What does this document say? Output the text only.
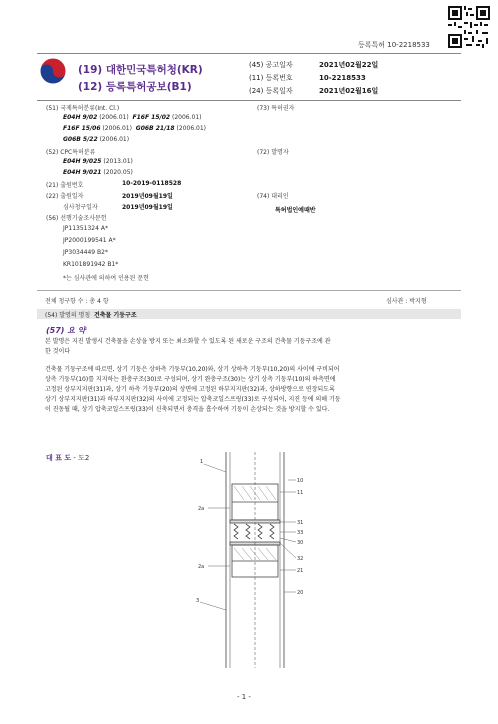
등록특허 10-2218533
(19) 대한민국특허청(KR)
(12) 등록특허공보(B1)
(45) 공고일자	2021년02월22일
(11) 등록번호	10-2218533
(24) 등록일자	2021년02월16일
(51) 국제특허분류(Int. Cl.)
E04H 9/02 (2006.01) F16F 15/02 (2006.01)
F16F 15/06 (2006.01) G06B 21/18 (2006.01)
G06B 5/22 (2006.01)
(52) CPC특허분류
E04H 9/025 (2013.01)
E04H 9/021 (2020.05)
(21) 출원번호	10-2019-0118528
(22) 출원일자	2019년09월19일
심사청구일자	2019년09월19일
(56) 선행기술조사문헌
JP11351324 A*
JP2000199541 A*
JP3034449 B2*
KR101891942 B1*
*는 심사관에 의하여 인용된 문헌
(73) 특허권자
(72) 발명자
(74) 대리인
특허법인예때반
전체 청구항 수 : 총 4 항	심사관 : 박지형
(54) 발명의 명칭 건축물 기둥구조
(57) 요 약
본 발명은 지진 발생시 건축물을 손상을 방지 또는 최소화할 수 있도록 된 새로운 구조의 건축물 기둥구조에 관
한 것이다
건축물 기둥구조에 따르면, 상기 기둥은 상하측 기둥부(10,20)와, 상기 상하측 기둥부(10,20)의 사이에 구비되어
상측 기둥부(10)를 지지하는 완충구조(30)로 구성되며, 상기 완충구조(30)는 상기 상측 기둥부(10)의 하측면에
고정된 상부지지판(31)과, 상기 하측 기둥부(20)의 상면에 고정된 하부지지판(32)과, 상하방향으로 연장되도록
상기 상부지지판(31)과 하부지지판(32)의 사이에 고정되는 압축코일스프링(33)로 구성되어, 지진 등에 의해 기둥
이 진동될 때, 상기 압축코일스프링(33)이 신축되면서 충격을 흡수하여 기둥이 손상되는 것을 방지할 수 있다.
대 표 도 - 도2	1
10
11
2a
31
33
30
32
2a
21
3
20
- 1 -
